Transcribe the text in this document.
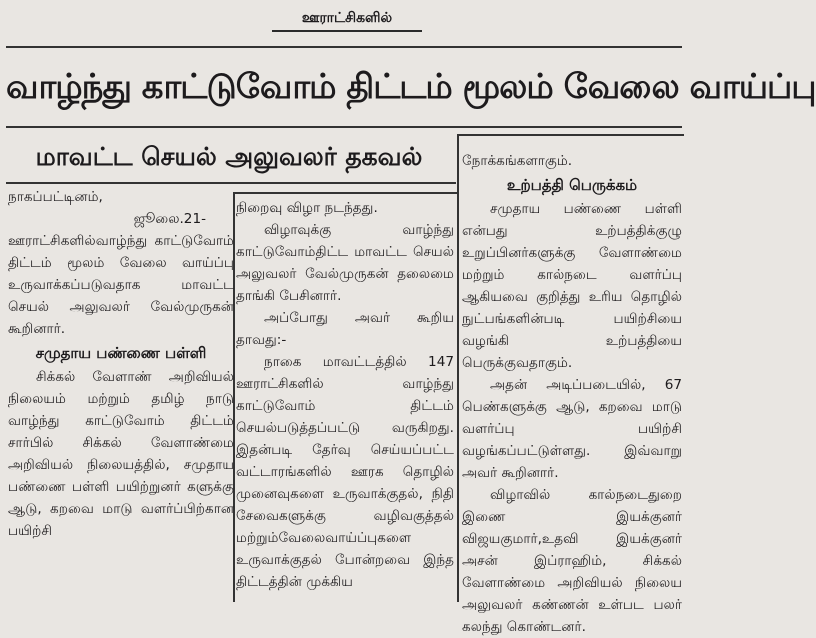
ஊராட்சிகளில்
வாழ்ந்து காட்டுவோம் திட்டம் மூலம் வேலை வாய்ப்பு
மாவட்ட செயல் அலுவலர் தகவல்

நாகப்பட்டினம்,
ஜூலை.21-

ஊராட்சிகளில்வாழ்ந்து காட்டுவோம் திட்டம் மூலம் வேலை வாய்ப்பு உருவாக்கப்படுவதாக மாவட்ட செயல் அலுவலர் வேல்முருகன் கூறினார்.

சமுதாய பண்ணை பள்ளி

சிக்கல் வேளாண் அறிவியல் நிலையம் மற்றும் தமிழ் நாடு வாழ்ந்து காட்டுவோம் திட்டம் சார்பில் சிக்கல் வேளாண்மை அறிவியல் நிலையத்தில், சமுதாய பண்ணை பள்ளி பயிற்றுனர் களுக்கு ஆடு, கறவை மாடு வளர்ப்பிற்கான பயிற்சி

நிறைவு விழா நடந்தது.

விழாவுக்கு வாழ்ந்து காட்டுவோம்திட்ட மாவட்ட செயல் அலுவலர் வேல்முருகன் தலைமை தாங்கி பேசினார்.

அப்போது அவர் கூறிய தாவது:-

நாகை மாவட்டத்தில் 147 ஊராட்சிகளில் வாழ்ந்து காட்டுவோம் திட்டம் செயல்படுத்தப்பட்டு வருகிறது. இதன்படி தேர்வு செய்யப்பட்ட வட்டாரங்களில் ஊரக தொழில் முனைவுகளை உருவாக்குதல், நிதி சேவைகளுக்கு வழிவகுத்தல் மற்றும்வேலைவாய்ப்புகளை உருவாக்குதல் போன்றவை இந்த திட்டத்தின் முக்கிய

நோக்கங்களாகும்.

உற்பத்தி பெருக்கம்

சமுதாய பண்ணை பள்ளி என்பது உற்பத்திக்குழு உறுப்பினர்களுக்கு வேளாண்மை மற்றும் கால்நடை வளர்ப்பு ஆகியவை குறித்து உரிய தொழில் நுட்பங்களின்படி பயிற்சியை வழங்கி உற்பத்தியை பெருக்குவதாகும்.

அதன் அடிப்படையில், 67 பெண்களுக்கு ஆடு, கறவை மாடு வளர்ப்பு பயிற்சி வழங்கப்பட்டுள்ளது. இவ்வாறு அவர் கூறினார்.

விழாவில் கால்நடைதுறை இணை இயக்குனர் விஜயகுமார்,உதவி இயக்குனர் அசன் இப்ராஹிம், சிக்கல் வேளாண்மை அறிவியல் நிலைய அலுவலர் கண்ணன் உள்பட பலர் கலந்து கொண்டனர்.
